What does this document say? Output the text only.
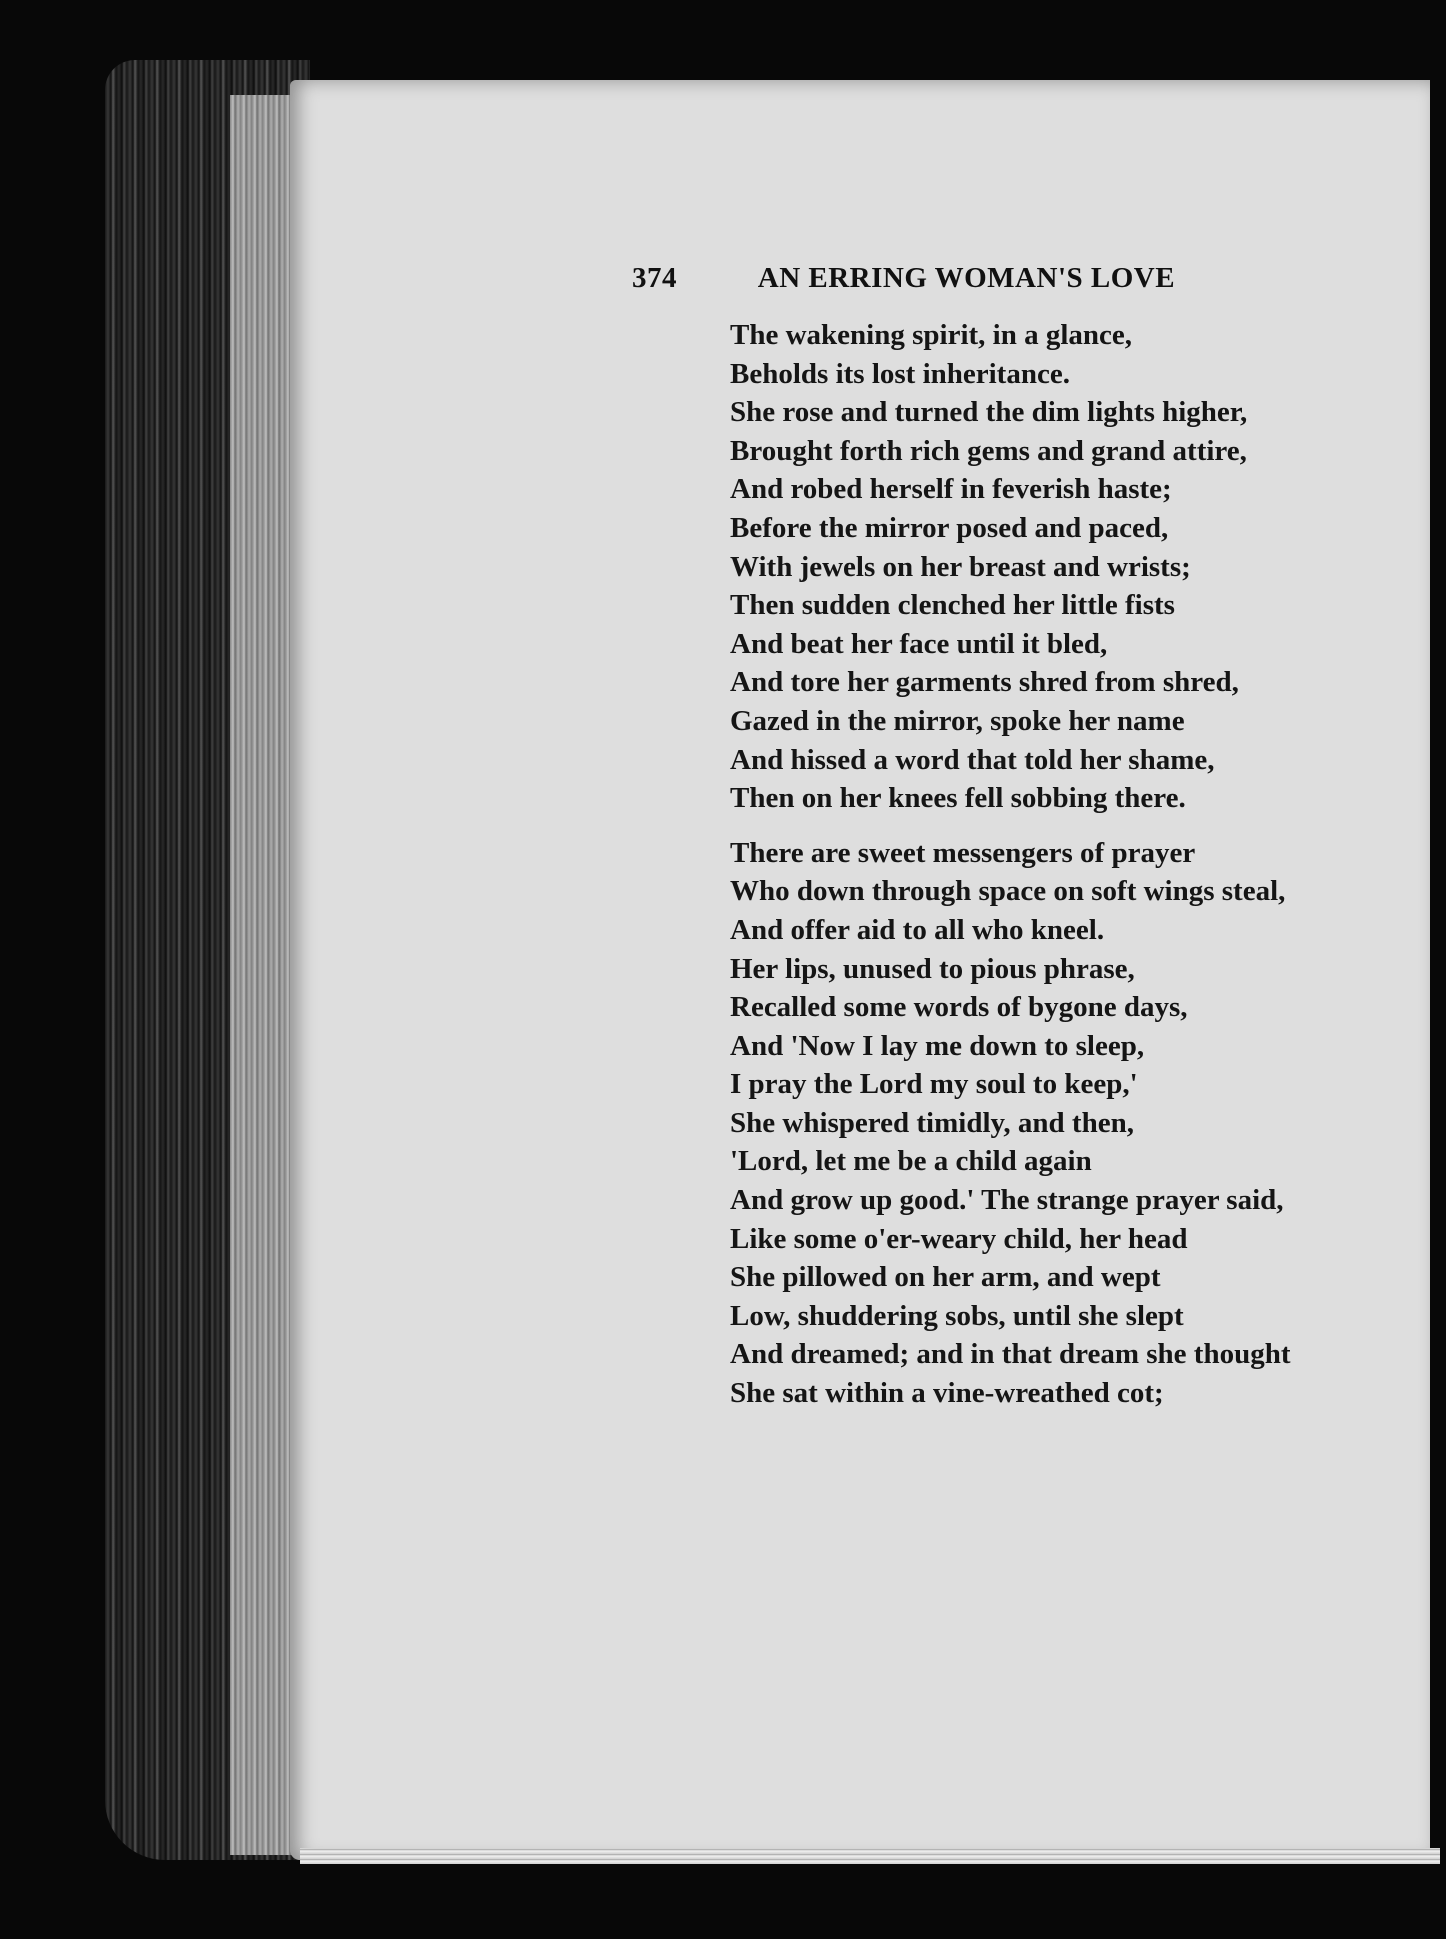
374	AN ERRING WOMAN'S LOVE
The wakening spirit, in a glance,
Beholds its lost inheritance.
She rose and turned the dim lights higher,
Brought forth rich gems and grand attire,
And robed herself in feverish haste;
Before the mirror posed and paced,
With jewels on her breast and wrists;
Then sudden clenched her little fists
And beat her face until it bled,
And tore her garments shred from shred,
Gazed in the mirror, spoke her name
And hissed a word that told her shame,
Then on her knees fell sobbing there.
There are sweet messengers of prayer
Who down through space on soft wings steal,
And offer aid to all who kneel.
Her lips, unused to pious phrase,
Recalled some words of bygone days,
And 'Now I lay me down to sleep,
I pray the Lord my soul to keep,'
She whispered timidly, and then,
'Lord, let me be a child again
And grow up good.' The strange prayer said,
Like some o'er-weary child, her head
She pillowed on her arm, and wept
Low, shuddering sobs, until she slept
And dreamed; and in that dream she thought
She sat within a vine-wreathed cot;
